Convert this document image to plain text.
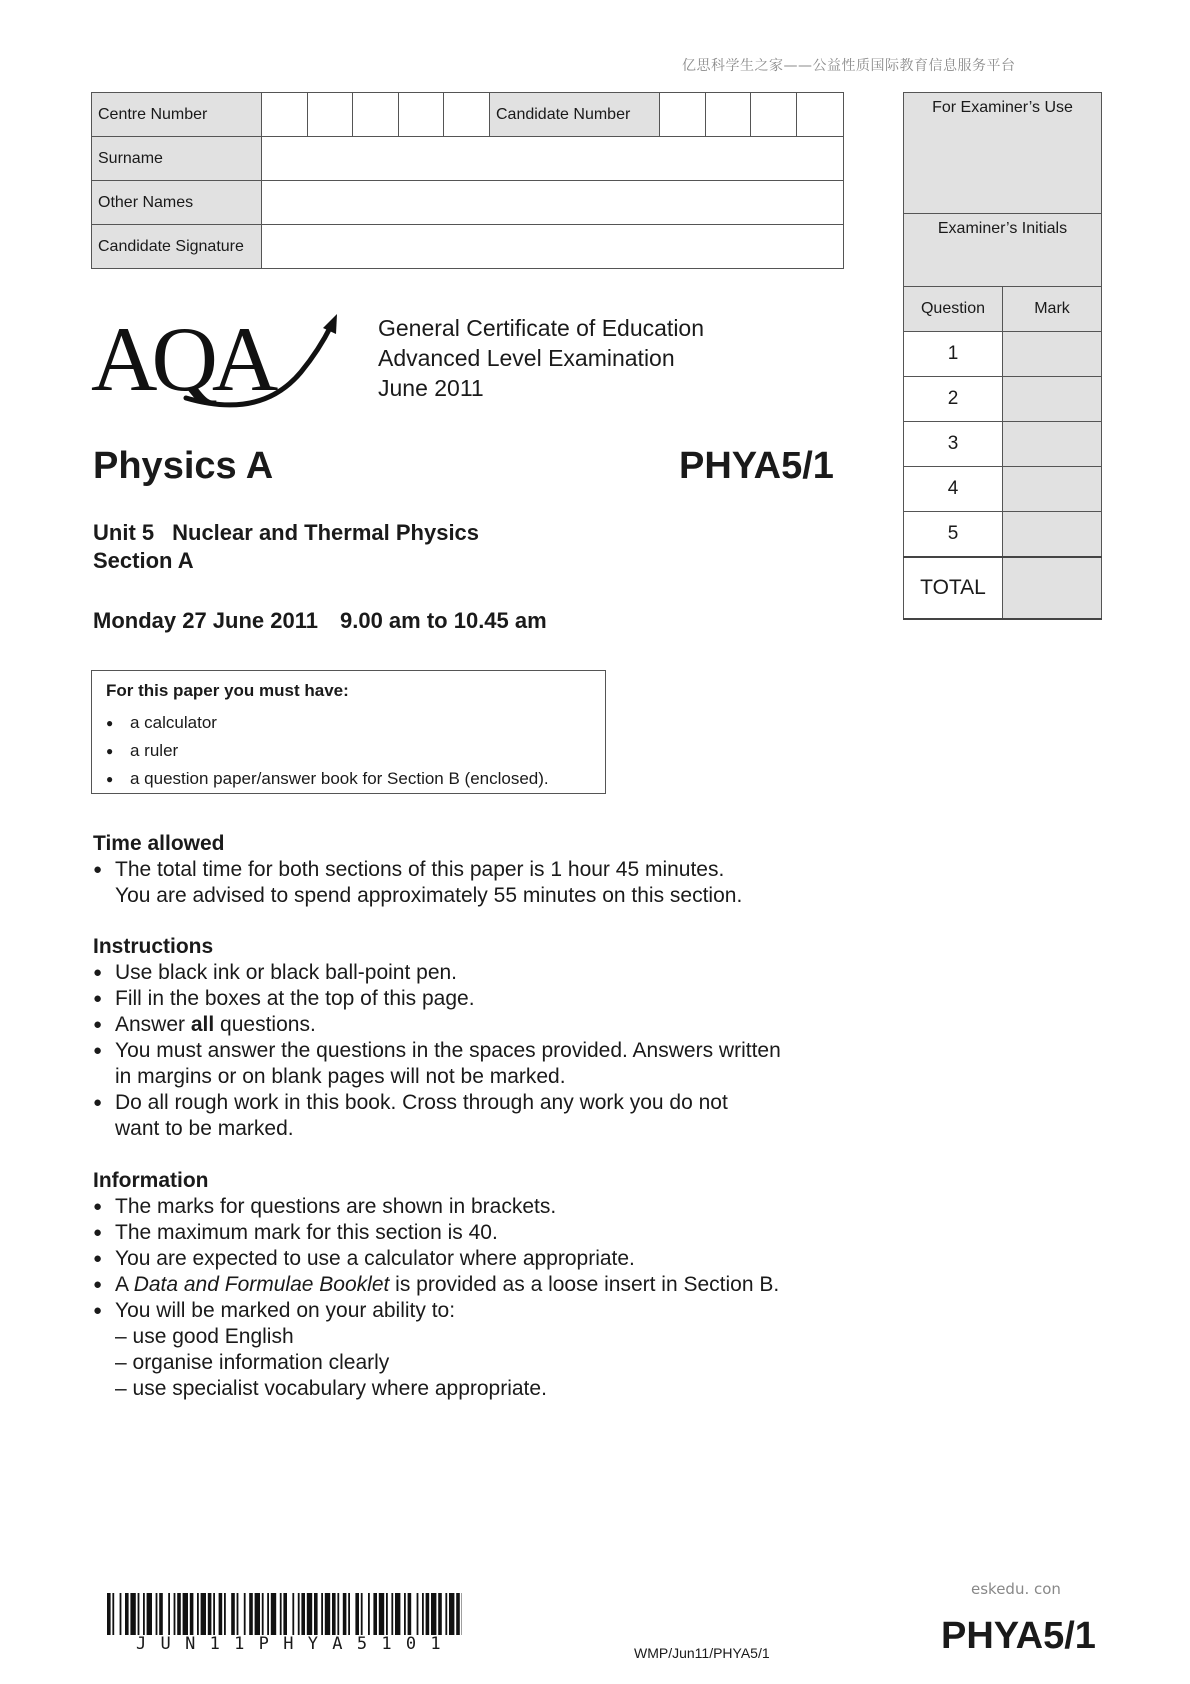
亿思科学生之家——公益性质国际教育信息服务平台
Centre Number						Candidate Number				
Surname										
Other Names										
Candidate Signature										
For Examiner’s Use	
Examiner’s Initials	
Question	Mark
1	
2	
3	
4	
5	
TOTAL	
AQA	General Certificate of Education
Advanced Level Examination
June 2011
Physics A	PHYA5/1
Unit 5 Nuclear and Thermal Physics
Section A
Monday 27 June 2011 9.00 am to 10.45 am
For this paper you must have:
● a calculator
● a ruler
● a question paper/answer book for Section B (enclosed).
Time allowed
● The total time for both sections of this paper is 1 hour 45 minutes.
You are advised to spend approximately 55 minutes on this section.
Instructions
● Use black ink or black ball-point pen.
● Fill in the boxes at the top of this page.
● Answer all questions.
● You must answer the questions in the spaces provided. Answers written
in margins or on blank pages will not be marked.
● Do all rough work in this book. Cross through any work you do not
want to be marked.
Information
● The marks for questions are shown in brackets.
● The maximum mark for this section is 40.
● You are expected to use a calculator where appropriate.
● A Data and Formulae Booklet is provided as a loose insert in Section B.
● You will be marked on your ability to:
– use good English
– organise information clearly
– use specialist vocabulary where appropriate.
JUN11PHYA5101	WMP/Jun11/PHYA5/1
eskedu. con
PHYA5/1
